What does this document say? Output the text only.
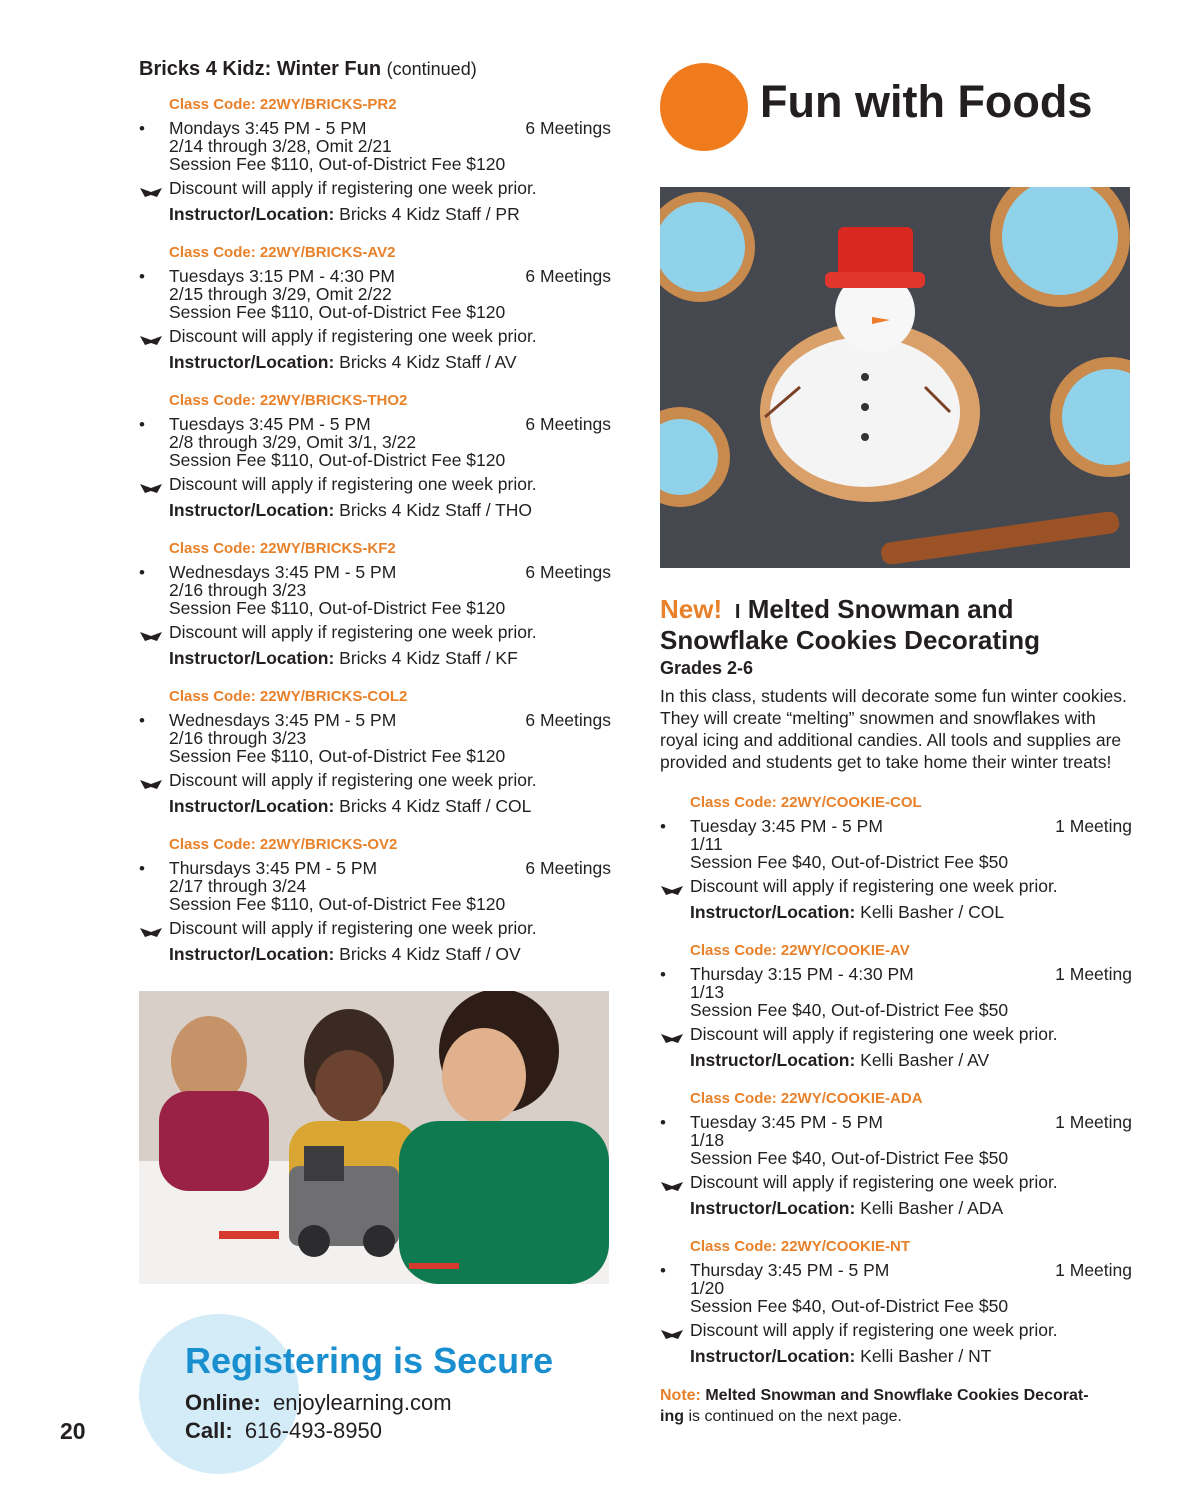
Bricks 4 Kidz: Winter Fun (continued)
Class Code: 22WY/BRICKS-PR2
•
Mondays 3:45 PM - 5 PM	6 Meetings
2/14 through 3/28, Omit 2/21
Session Fee $110, Out-of-District Fee $120
Discount will apply if registering one week prior.
Instructor/Location: Bricks 4 Kidz Staff / PR
Class Code: 22WY/BRICKS-AV2
•
Tuesdays 3:15 PM - 4:30 PM	6 Meetings
2/15 through 3/29, Omit 2/22
Session Fee $110, Out-of-District Fee $120
Discount will apply if registering one week prior.
Instructor/Location: Bricks 4 Kidz Staff / AV
Class Code: 22WY/BRICKS-THO2
•
Tuesdays 3:45 PM - 5 PM	6 Meetings
2/8 through 3/29, Omit 3/1, 3/22
Session Fee $110, Out-of-District Fee $120
Discount will apply if registering one week prior.
Instructor/Location: Bricks 4 Kidz Staff / THO
Class Code: 22WY/BRICKS-KF2
•
Wednesdays 3:45 PM - 5 PM	6 Meetings
2/16 through 3/23
Session Fee $110, Out-of-District Fee $120
Discount will apply if registering one week prior.
Instructor/Location: Bricks 4 Kidz Staff / KF
Class Code: 22WY/BRICKS-COL2
•
Wednesdays 3:45 PM - 5 PM	6 Meetings
2/16 through 3/23
Session Fee $110, Out-of-District Fee $120
Discount will apply if registering one week prior.
Instructor/Location: Bricks 4 Kidz Staff / COL
Class Code: 22WY/BRICKS-OV2
•
Thursdays 3:45 PM - 5 PM	6 Meetings
2/17 through 3/24
Session Fee $110, Out-of-District Fee $120
Discount will apply if registering one week prior.
Instructor/Location: Bricks 4 Kidz Staff / OV
Registering is Secure
Online: enjoylearning.com
Call: 616-493-8950
20
Fun with Foods
New!  I Melted Snowman and
Snowflake Cookies Decorating
Grades 2-6
In this class, students will decorate some fun winter cookies. They will create “melting” snowmen and snowflakes with royal icing and additional candies. All tools and supplies are provided and students get to take home their winter treats!
Class Code: 22WY/COOKIE-COL
•
Tuesday 3:45 PM - 5 PM	1 Meeting
1/11
Session Fee $40, Out-of-District Fee $50
Discount will apply if registering one week prior.
Instructor/Location: Kelli Basher / COL
Class Code: 22WY/COOKIE-AV
•
Thursday 3:15 PM - 4:30 PM	1 Meeting
1/13
Session Fee $40, Out-of-District Fee $50
Discount will apply if registering one week prior.
Instructor/Location: Kelli Basher / AV
Class Code: 22WY/COOKIE-ADA
•
Tuesday 3:45 PM - 5 PM	1 Meeting
1/18
Session Fee $40, Out-of-District Fee $50
Discount will apply if registering one week prior.
Instructor/Location: Kelli Basher / ADA
Class Code: 22WY/COOKIE-NT
•
Thursday 3:45 PM - 5 PM	1 Meeting
1/20
Session Fee $40, Out-of-District Fee $50
Discount will apply if registering one week prior.
Instructor/Location: Kelli Basher / NT
Note: Melted Snowman and Snowflake Cookies Decorat-
ing is continued on the next page.
